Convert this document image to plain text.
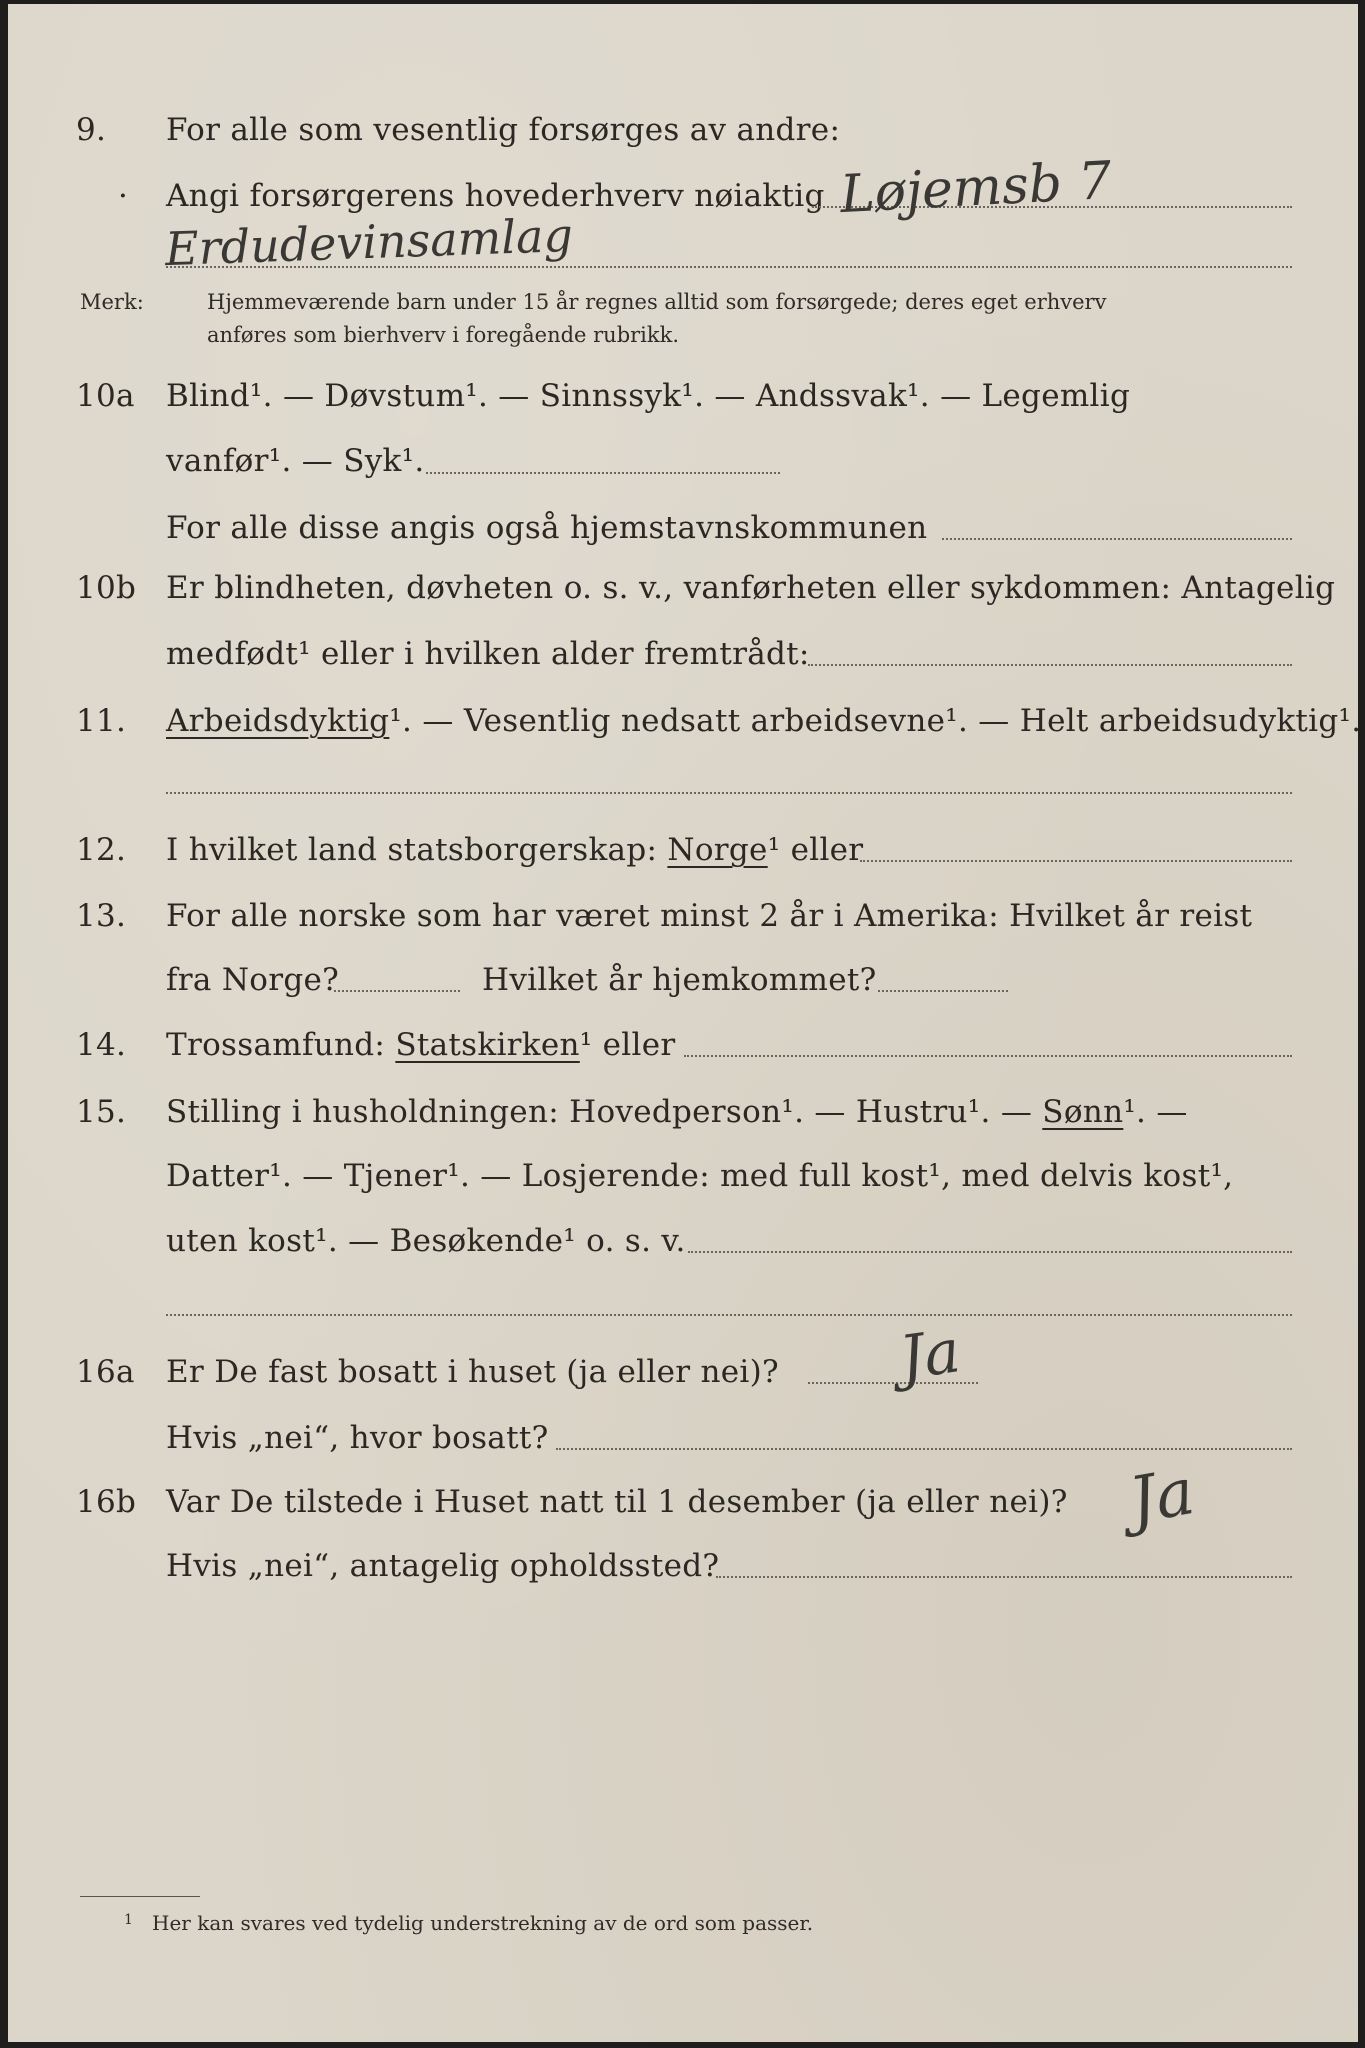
9. For alle som vesentlig forsørges av andre:
· Angi forsørgerens hovederhverv nøiaktig Løjemsb 7
Erdudevinsamlag
Merk:	Hjemmeværende barn under 15 år regnes alltid som forsørgede; deres eget erhverv
anføres som bierhverv i foregående rubrikk.
10a Blind¹. — Døvstum¹. — Sinnssyk¹. — Andssvak¹. — Legemlig
vanfør¹. — Syk¹.
For alle disse angis også hjemstavnskommunen
10b Er blindheten, døvheten o. s. v., vanførheten eller sykdommen: Antagelig
medfødt¹ eller i hvilken alder fremtrådt:
11. Arbeidsdyktig¹. — Vesentlig nedsatt arbeidsevne¹. — Helt arbeidsudyktig¹.
12. I hvilket land statsborgerskap: Norge¹ eller
13. For alle norske som har været minst 2 år i Amerika: Hvilket år reist
fra Norge?	Hvilket år hjemkommet?
14. Trossamfund: Statskirken¹ eller
15. Stilling i husholdningen: Hovedperson¹. — Hustru¹. — Sønn¹. —
Datter¹. — Tjener¹. — Losjerende: med full kost¹, med delvis kost¹,
uten kost¹. — Besøkende¹ o. s. v.
16a Er De fast bosatt i huset (ja eller nei)? Ja
Hvis „nei“, hvor bosatt?
16b Var De tilstede i Huset natt til 1 desember (ja eller nei)? Ja
Hvis „nei“, antagelig opholdssted?
1 Her kan svares ved tydelig understrekning av de ord som passer.
